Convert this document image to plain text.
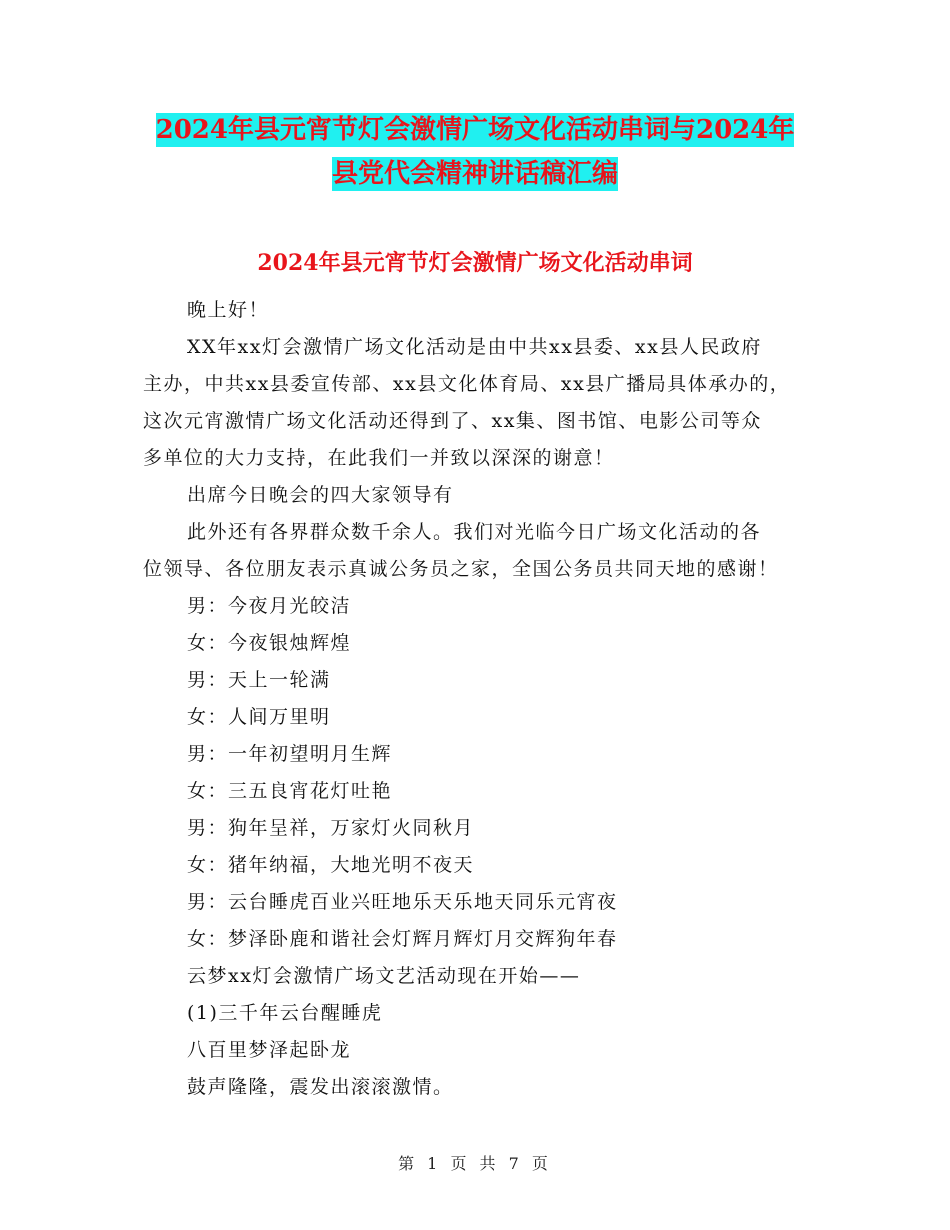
2024年县元宵节灯会激情广场文化活动串词与2024年
县党代会精神讲话稿汇编
2024年县元宵节灯会激情广场文化活动串词
晚上好！
XX年xx灯会激情广场文化活动是由中共xx县委、xx县人民政府
主办，中共xx县委宣传部、xx县文化体育局、xx县广播局具体承办的，
这次元宵激情广场文化活动还得到了、xx集、图书馆、电影公司等众
多单位的大力支持，在此我们一并致以深深的谢意！
出席今日晚会的四大家领导有
此外还有各界群众数千余人。我们对光临今日广场文化活动的各
位领导、各位朋友表示真诚公务员之家，全国公务员共同天地的感谢！
男：今夜月光皎洁
女：今夜银烛辉煌
男：天上一轮满
女：人间万里明
男：一年初望明月生辉
女：三五良宵花灯吐艳
男：狗年呈祥，万家灯火同秋月
女：猪年纳福，大地光明不夜天
男：云台睡虎百业兴旺地乐天乐地天同乐元宵夜
女：梦泽卧鹿和谐社会灯辉月辉灯月交辉狗年春
云梦xx灯会激情广场文艺活动现在开始——
(1)三千年云台醒睡虎
八百里梦泽起卧龙
鼓声隆隆，震发出滚滚激情。
第 1 页 共 7 页
